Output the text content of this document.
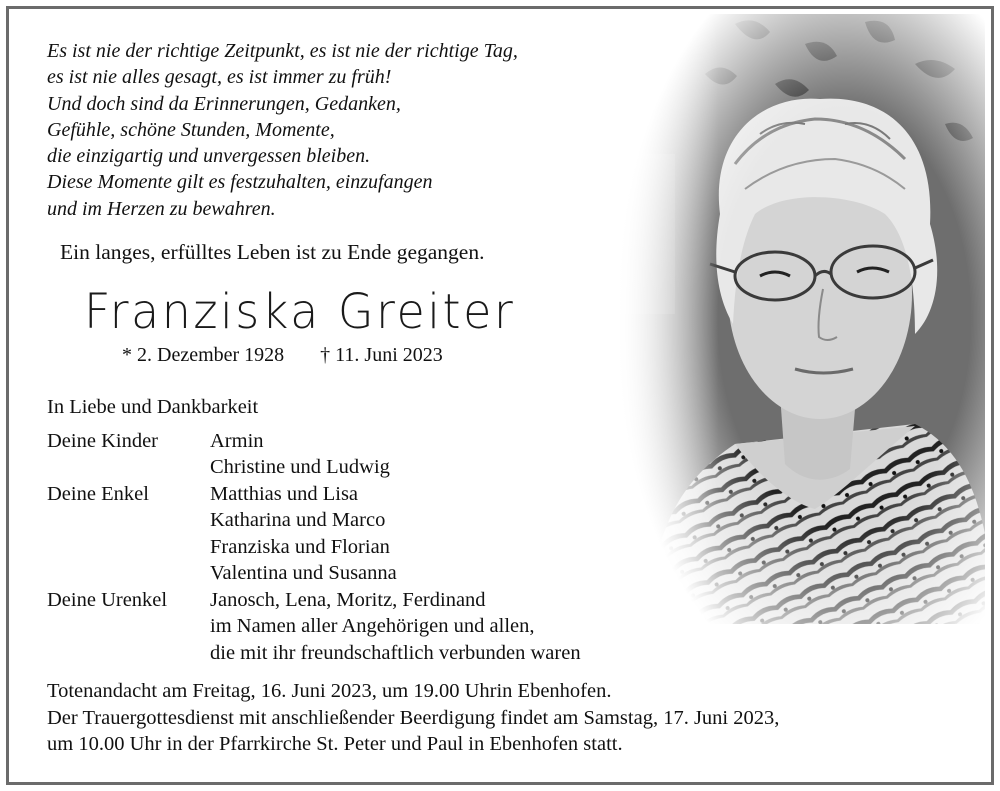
Es ist nie der richtige Zeitpunkt, es ist nie der richtige Tag,
es ist nie alles gesagt, es ist immer zu früh!
Und doch sind da Erinnerungen, Gedanken,
Gefühle, schöne Stunden, Momente,
die einzigartig und unvergessen bleiben.
Diese Momente gilt es festzuhalten, einzufangen
und im Herzen zu bewahren.
Ein langes, erfülltes Leben ist zu Ende gegangen.
Franziska Greiter
* 2. Dezember 1928 † 11. Juni 2023
In Liebe und Dankbarkeit
Deine Kinder	Armin
Christine und Ludwig
Deine Enkel	Matthias und Lisa
Katharina und Marco
Franziska und Florian
Valentina und Susanna
Deine Urenkel	Janosch, Lena, Moritz, Ferdinand
im Namen aller Angehörigen und allen,
die mit ihr freundschaftlich verbunden waren
Totenandacht am Freitag, 16. Juni 2023, um 19.00 Uhrin Ebenhofen.
Der Trauergottesdienst mit anschließender Beerdigung findet am Samstag, 17. Juni 2023,
um 10.00 Uhr in der Pfarrkirche St. Peter und Paul in Ebenhofen statt.
